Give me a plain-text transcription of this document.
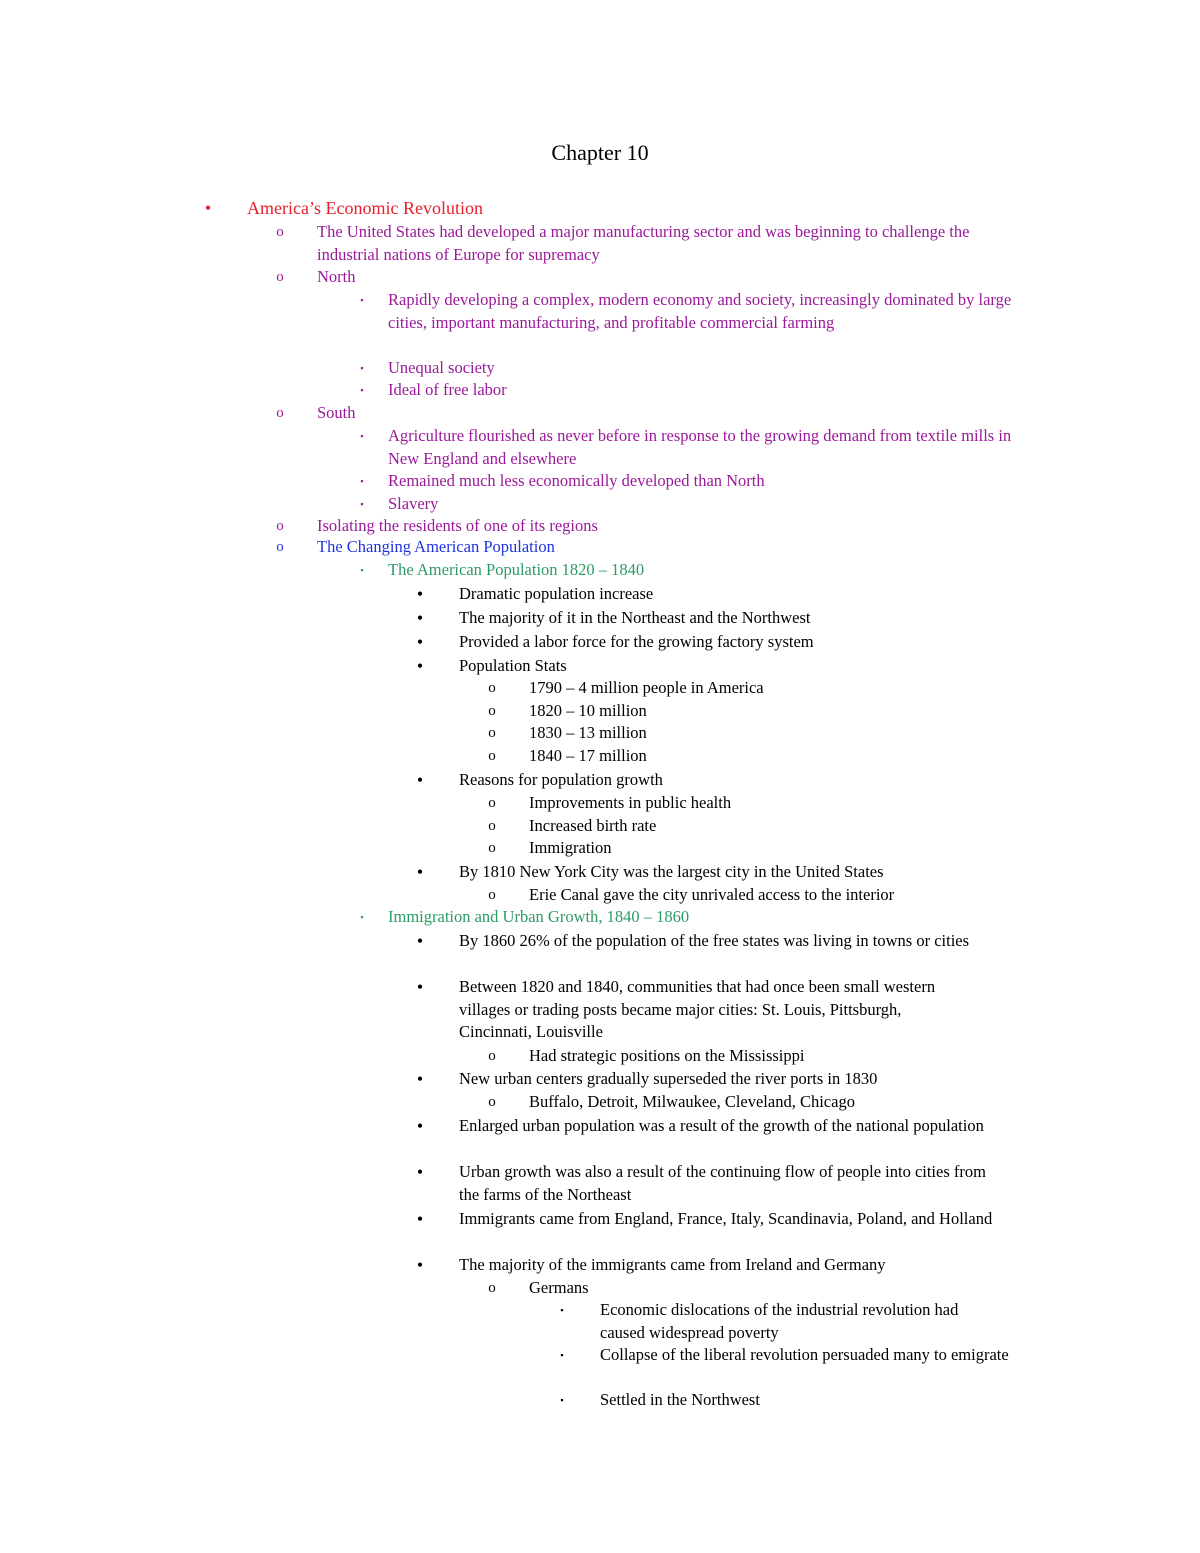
Chapter 10
• America’s Economic Revolution
o The United States had developed a major manufacturing sector and was beginning to challenge the industrial nations of Europe for supremacy
o North
▪	Rapidly developing a complex, modern economy and society, increasingly dominated by large cities, important manufacturing, and profitable commercial farming
▪	Unequal society
▪	Ideal of free labor
o South
▪	Agriculture flourished as never before in response to the growing demand from textile mills in New England and elsewhere
▪	Remained much less economically developed than North
▪	Slavery
o Isolating the residents of one of its regions
o The Changing American Population
▪	The American Population 1820 – 1840
• Dramatic population increase
• The majority of it in the Northeast and the Northwest
• Provided a labor force for the growing factory system
• Population Stats
o 1790 – 4 million people in America
o 1820 – 10 million
o 1830 – 13 million
o 1840 – 17 million
• Reasons for population growth
o Improvements in public health
o Increased birth rate
o Immigration
• By 1810 New York City was the largest city in the United States
o Erie Canal gave the city unrivaled access to the interior
▪	Immigration and Urban Growth, 1840 – 1860
• By 1860 26% of the population of the free states was living in towns or cities
• Between 1820 and 1840, communities that had once been small western villages or trading posts became major cities: St. Louis, Pittsburgh, Cincinnati, Louisville
o Had strategic positions on the Mississippi
• New urban centers gradually superseded the river ports in 1830
o Buffalo, Detroit, Milwaukee, Cleveland, Chicago
• Enlarged urban population was a result of the growth of the national population
• Urban growth was also a result of the continuing flow of people into cities from the farms of the Northeast
• Immigrants came from England, France, Italy, Scandinavia, Poland, and Holland
• The majority of the immigrants came from Ireland and Germany
o Germans
▪	Economic dislocations of the industrial revolution had caused widespread poverty
▪	Collapse of the liberal revolution persuaded many to emigrate
▪	Settled in the Northwest
